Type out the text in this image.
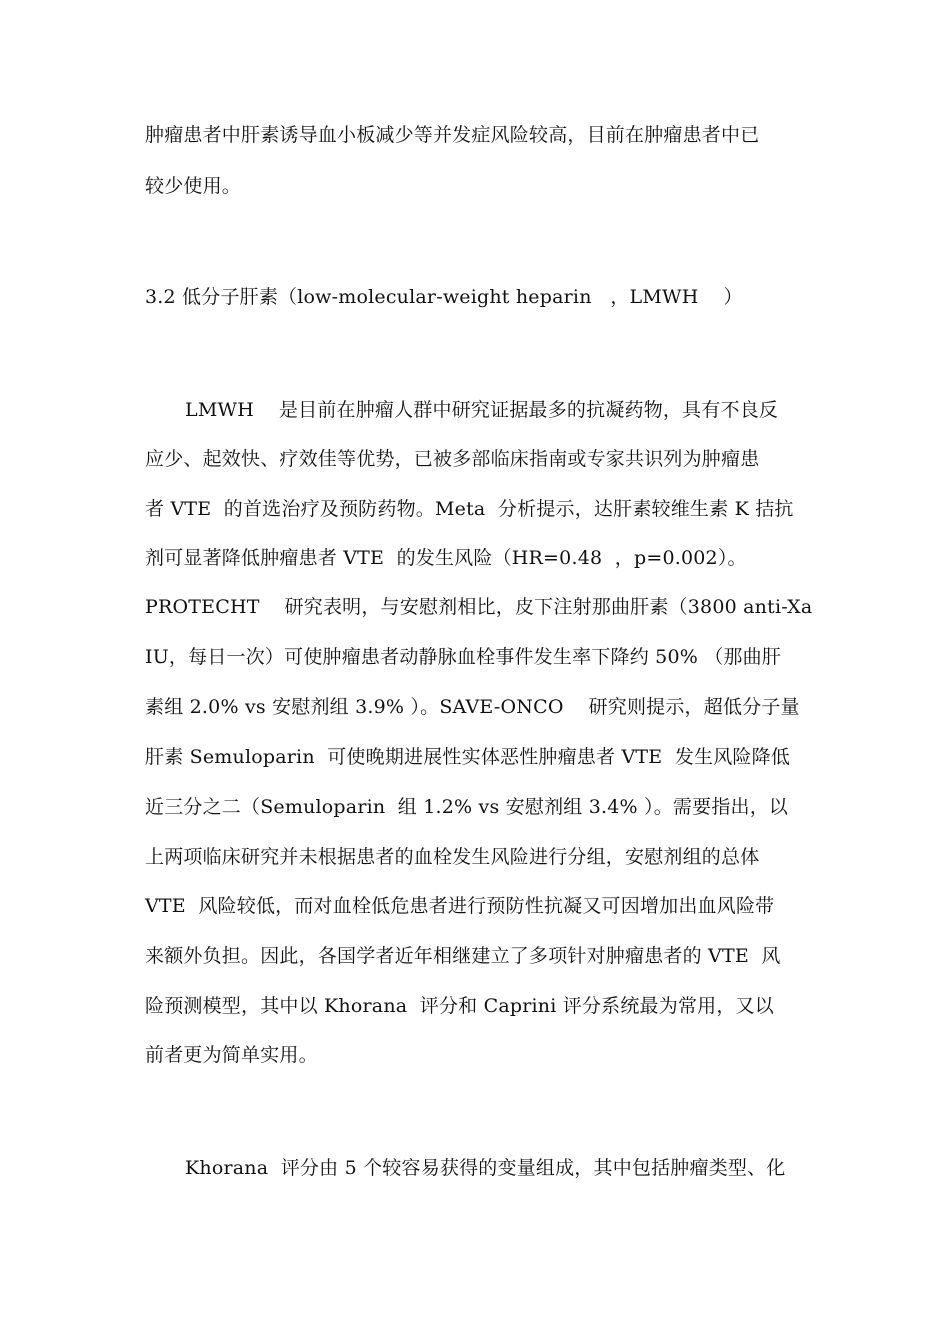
肿瘤患者中肝素诱导血小板减少等并发症风险较高，目前在肿瘤患者中已
较少使用。
3.2 低分子肝素（low-molecular-weight heparin   ，LMWH    ）
LMWH    是目前在肿瘤人群中研究证据最多的抗凝药物，具有不良反
应少、起效快、疗效佳等优势，已被多部临床指南或专家共识列为肿瘤患
者 VTE  的首选治疗及预防药物。Meta  分析提示，达肝素较维生素 K 拮抗
剂可显著降低肿瘤患者 VTE  的发生风险（HR=0.48  ，p=0.002）。
PROTECHT    研究表明，与安慰剂相比，皮下注射那曲肝素（3800 anti-Xa
IU，每日一次）可使肿瘤患者动静脉血栓事件发生率下降约 50% （那曲肝
素组 2.0% vs 安慰剂组 3.9% ）。SAVE-ONCO    研究则提示，超低分子量
肝素 Semuloparin  可使晚期进展性实体恶性肿瘤患者 VTE  发生风险降低
近三分之二（Semuloparin  组 1.2% vs 安慰剂组 3.4% ）。需要指出，以
上两项临床研究并未根据患者的血栓发生风险进行分组，安慰剂组的总体
VTE  风险较低，而对血栓低危患者进行预防性抗凝又可因增加出血风险带
来额外负担。因此，各国学者近年相继建立了多项针对肿瘤患者的 VTE  风
险预测模型，其中以 Khorana  评分和 Caprini 评分系统最为常用，又以
前者更为简单实用。
Khorana  评分由 5 个较容易获得的变量组成，其中包括肿瘤类型、化
